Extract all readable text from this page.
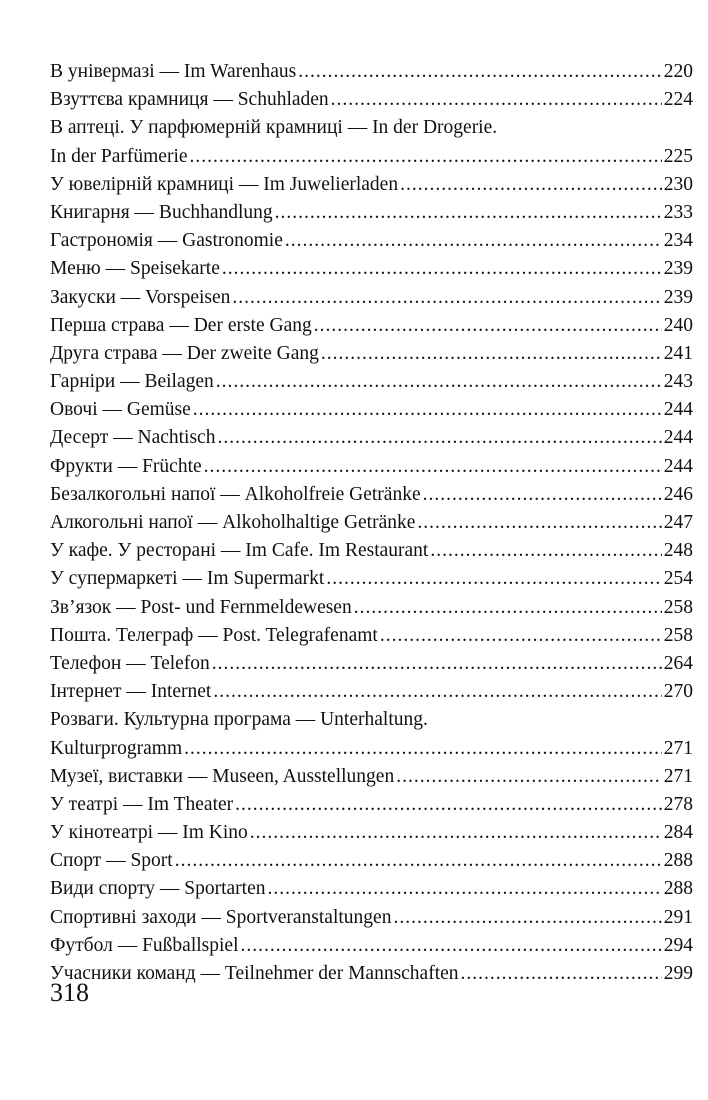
В універмазі — Im Warenhaus .....	220
Взуттєва крамниця — Schuhladen .....	224
В аптеці. У парфюмерній крамниці — In der Drogerie.
In der Parfümerie .....	225
У ювелірній крамниці — Im Juwelierladen .....	230
Книгарня — Buchhandlung .....	233
Гастрономія — Gastronomie .....	234
Меню — Speisekarte .....	239
Закуски — Vorspeisen .....	239
Перша страва — Der erste Gang .....	240
Друга страва — Der zweite Gang .....	241
Гарніри — Beilagen .....	243
Овочі — Gemüse .....	244
Десерт — Nachtisch .....	244
Фрукти — Früchte .....	244
Безалкогольні напої — Alkoholfreie Getränke .....	246
Алкогольні напої — Alkoholhaltige Getränke .....	247
У кафе. У ресторані — Im Cafe. Im Restaurant .....	248
У супермаркеті — Im Supermarkt .....	254
Зв’язок — Post- und Fernmeldewesen .....	258
Пошта. Телеграф — Post. Telegrafenamt .....	258
Телефон — Telefon .....	264
Інтернет — Internet .....	270
Розваги. Культурна програма — Unterhaltung.
Kulturprogramm .....	271
Музеї, виставки — Museen, Ausstellungen .....	271
У театрі — Im Theater .....	278
У кінотеатрі — Im Kino .....	284
Спорт — Sport .....	288
Види спорту — Sportarten .....	288
Спортивні заходи — Sportveranstaltungen .....	291
Футбол — Fußballspiel .....	294
Учасники команд — Teilnehmer der Mannschaften .....	299
318
